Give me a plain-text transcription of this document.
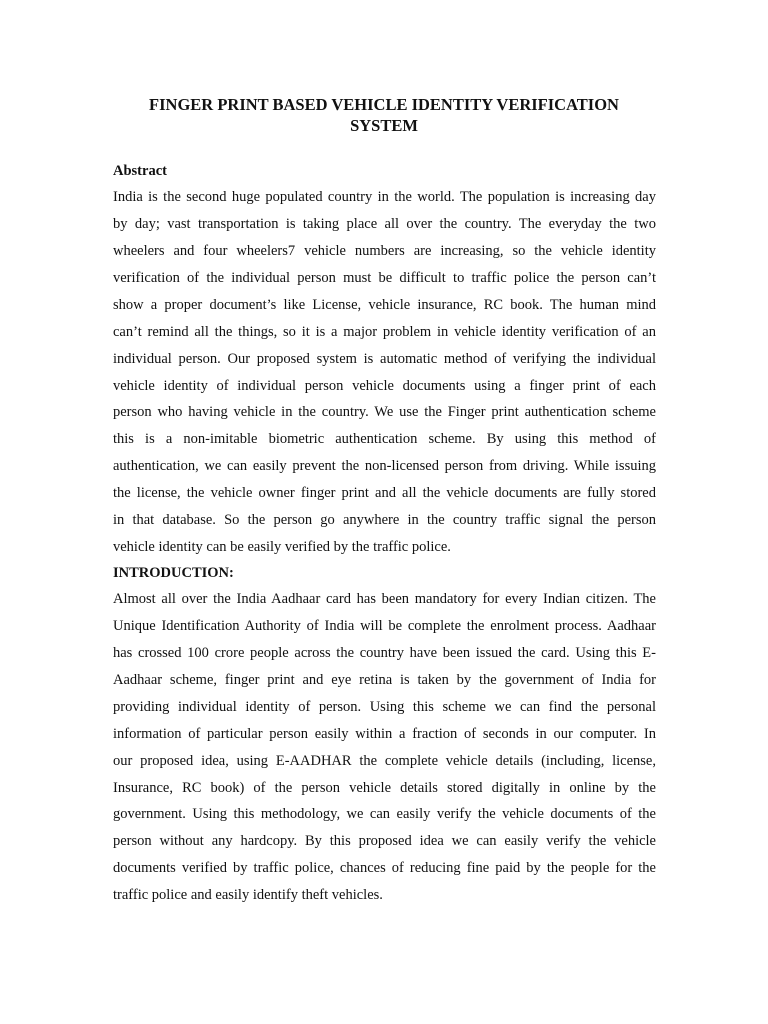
FINGER PRINT BASED VEHICLE IDENTITY VERIFICATION
SYSTEM
Abstract

India is the second huge populated country in the world. The population is increasing day

by day; vast transportation is taking place all over the country. The everyday the two

wheelers and four wheelers7 vehicle numbers are increasing, so the vehicle identity

verification of the individual person must be difficult to traffic police the person can’t

show a proper document’s like License, vehicle insurance, RC book. The human mind

can’t remind all the things, so it is a major problem in vehicle identity verification of an

individual person. Our proposed system is automatic method of verifying the individual

vehicle identity of individual person vehicle documents using a finger print of each

person who having vehicle in the country. We use the Finger print authentication scheme

this is a non-imitable biometric authentication scheme. By using this method of

authentication, we can easily prevent the non-licensed person from driving. While issuing

the license, the vehicle owner finger print and all the vehicle documents are fully stored

in that database. So the person go anywhere in the country traffic signal the person

vehicle identity can be easily verified by the traffic police.

INTRODUCTION:

Almost all over the India Aadhaar card has been mandatory for every Indian citizen. The

Unique Identification Authority of India will be complete the enrolment process. Aadhaar

has crossed 100 crore people across the country have been issued the card. Using this E-

Aadhaar scheme, finger print and eye retina is taken by the government of India for

providing individual identity of person. Using this scheme we can find the personal

information of particular person easily within a fraction of seconds in our computer. In

our proposed idea, using E-AADHAR the complete vehicle details (including, license,

Insurance, RC book) of the person vehicle details stored digitally in online by the

government. Using this methodology, we can easily verify the vehicle documents of the

person without any hardcopy. By this proposed idea we can easily verify the vehicle

documents verified by traffic police, chances of reducing fine paid by the people for the

traffic police and easily identify theft vehicles.
